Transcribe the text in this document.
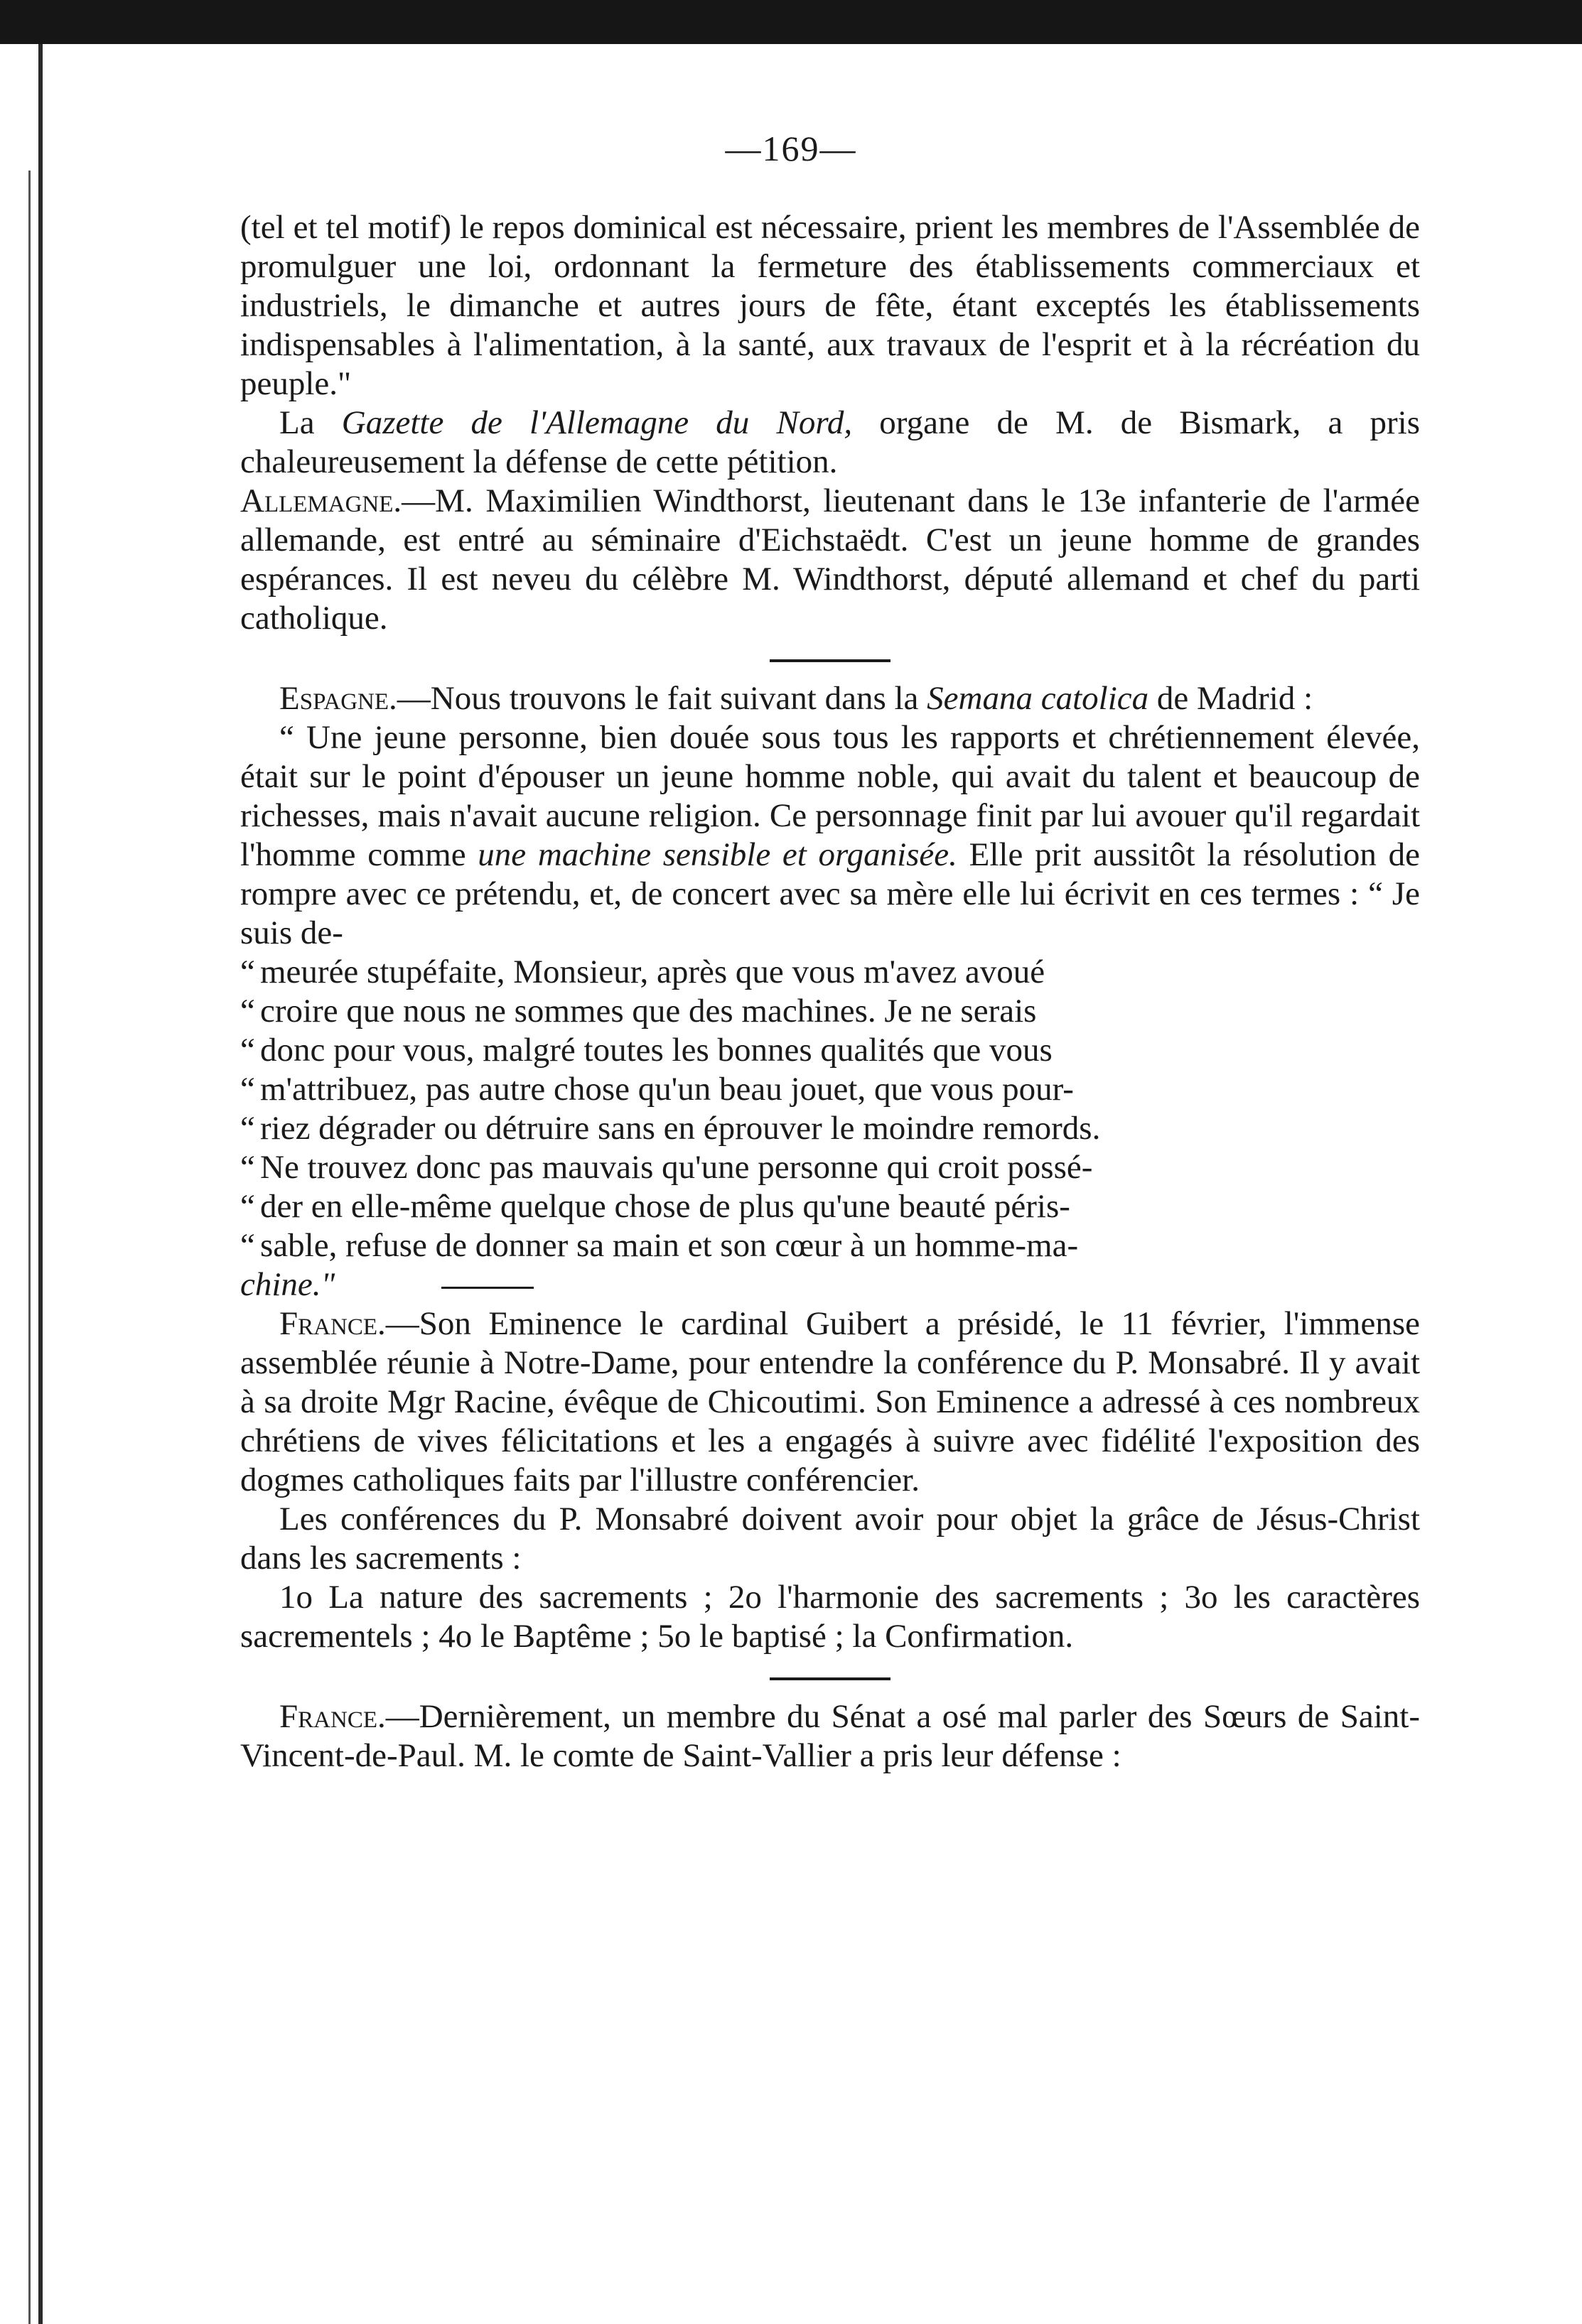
—169—

(tel et tel motif) le repos dominical est nécessaire, prient les membres de l'Assemblée de promulguer une loi, ordonnant la fermeture des établissements commerciaux et industriels, le dimanche et autres jours de fête, étant exceptés les établissements indispensables à l'alimentation, à la santé, aux travaux de l'esprit et à la récréation du peuple."

La Gazette de l'Allemagne du Nord, organe de M. de Bismark, a pris chaleureusement la défense de cette pétition.

Allemagne.—M. Maximilien Windthorst, lieutenant dans le 13e infanterie de l'armée allemande, est entré au séminaire d'Eichstaëdt. C'est un jeune homme de grandes espérances. Il est neveu du célèbre M. Windthorst, député allemand et chef du parti catholique.

Espagne.—Nous trouvons le fait suivant dans la Semana catolica de Madrid :

“ Une jeune personne, bien douée sous tous les rapports et chrétiennement élevée, était sur le point d'épouser un jeune homme noble, qui avait du talent et beaucoup de richesses, mais n'avait aucune religion. Ce personnage finit par lui avouer qu'il regardait l'homme comme une machine sensible et organisée. Elle prit aussitôt la résolution de rompre avec ce prétendu, et, de concert avec sa mère elle lui écrivit en ces termes : “ Je suis de-
“ meurée stupéfaite, Monsieur, après que vous m'avez avoué
“ croire que nous ne sommes que des machines. Je ne serais
“ donc pour vous, malgré toutes les bonnes qualités que vous
“ m'attribuez, pas autre chose qu'un beau jouet, que vous pour-
“ riez dégrader ou détruire sans en éprouver le moindre remords.
“ Ne trouvez donc pas mauvais qu'une personne qui croit possé-
“ der en elle-même quelque chose de plus qu'une beauté péris-
“ sable, refuse de donner sa main et son cœur à un homme-ma-
chine."

France.—Son Eminence le cardinal Guibert a présidé, le 11 février, l'immense assemblée réunie à Notre-Dame, pour entendre la conférence du P. Monsabré. Il y avait à sa droite Mgr Racine, évêque de Chicoutimi. Son Eminence a adressé à ces nombreux chrétiens de vives félicitations et les a engagés à suivre avec fidélité l'exposition des dogmes catholiques faits par l'illustre conférencier.

Les conférences du P. Monsabré doivent avoir pour objet la grâce de Jésus-Christ dans les sacrements :

1o La nature des sacrements ; 2o l'harmonie des sacrements ; 3o les caractères sacrementels ; 4o le Baptême ; 5o le baptisé ; la Confirmation.

France.—Dernièrement, un membre du Sénat a osé mal parler des Sœurs de Saint-Vincent-de-Paul. M. le comte de Saint-Vallier a pris leur défense :
